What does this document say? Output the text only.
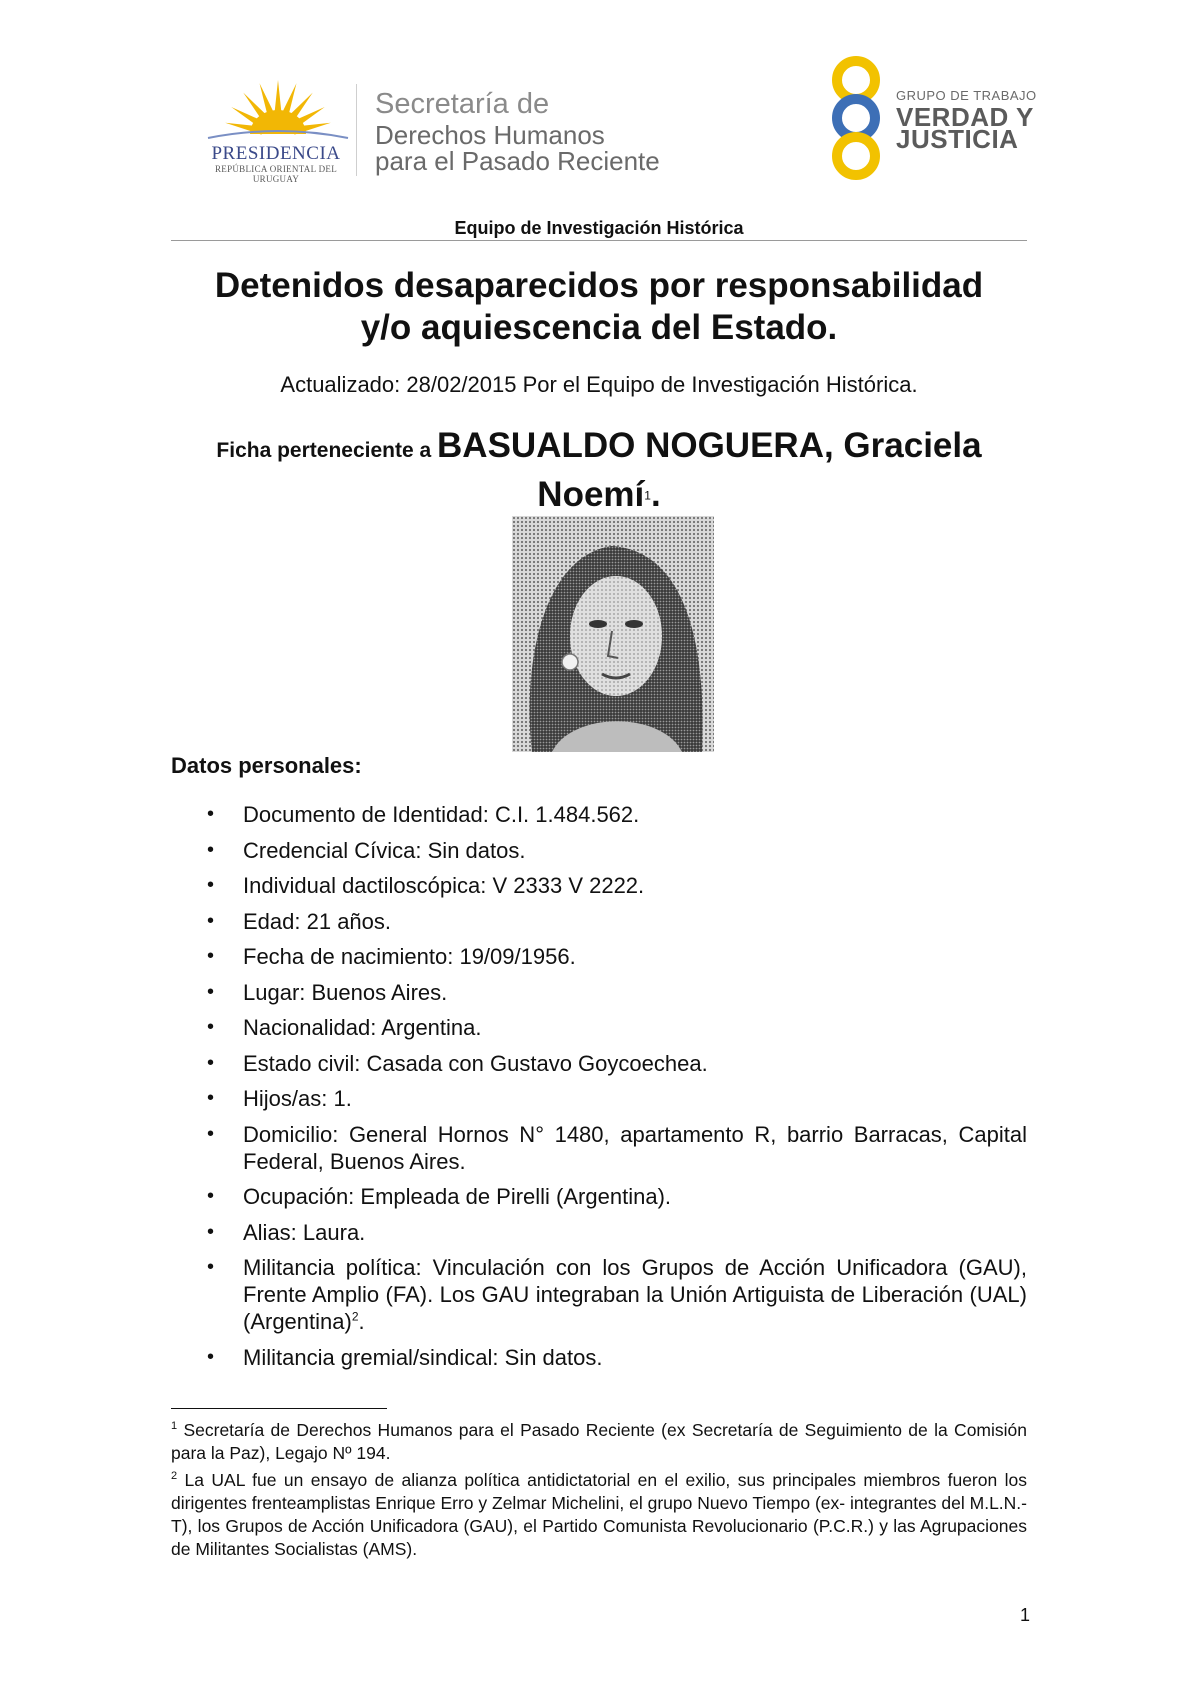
PRESIDENCIA
REPÚBLICA ORIENTAL DEL URUGUAY
Secretaría de
Derechos Humanos
para el Pasado Reciente
GRUPO DE TRABAJO
VERDAD Y
JUSTICIA
Equipo de Investigación Histórica
Detenidos desaparecidos por responsabilidad
y/o aquiescencia del Estado.
Actualizado: 28/02/2015 Por el Equipo de Investigación Histórica.
Ficha perteneciente a BASUALDO NOGUERA, Graciela
Noemí$^1$.
Datos personales:
• Documento de Identidad: C.I. 1.484.562.
• Credencial Cívica: Sin datos.
• Individual dactiloscópica: V 2333 V 2222.
• Edad: 21 años.
• Fecha de nacimiento: 19/09/1956.
• Lugar: Buenos Aires.
• Nacionalidad: Argentina.
• Estado civil: Casada con Gustavo Goycoechea.
• Hijos/as: 1.
• Domicilio: General Hornos N° 1480, apartamento R, barrio Barracas, Capital Federal, Buenos Aires.
• Ocupación: Empleada de Pirelli (Argentina).
• Alias: Laura.
• Militancia política: Vinculación con los Grupos de Acción Unificadora (GAU), Frente Amplio (FA). Los GAU integraban la Unión Artiguista de Liberación (UAL) (Argentina)$^2$.
• Militancia gremial/sindical: Sin datos.

$^1$ Secretaría de Derechos Humanos para el Pasado Reciente (ex Secretaría de Seguimiento de la Comisión para la Paz), Legajo Nº 194.

$^2$ La UAL fue un ensayo de alianza política antidictatorial en el exilio, sus principales miembros fueron los dirigentes frenteamplistas Enrique Erro y Zelmar Michelini, el grupo Nuevo Tiempo (ex- integrantes del M.L.N.-T), los Grupos de Acción Unificadora (GAU), el Partido Comunista Revolucionario (P.C.R.) y las Agrupaciones de Militantes Socialistas (AMS).

1
